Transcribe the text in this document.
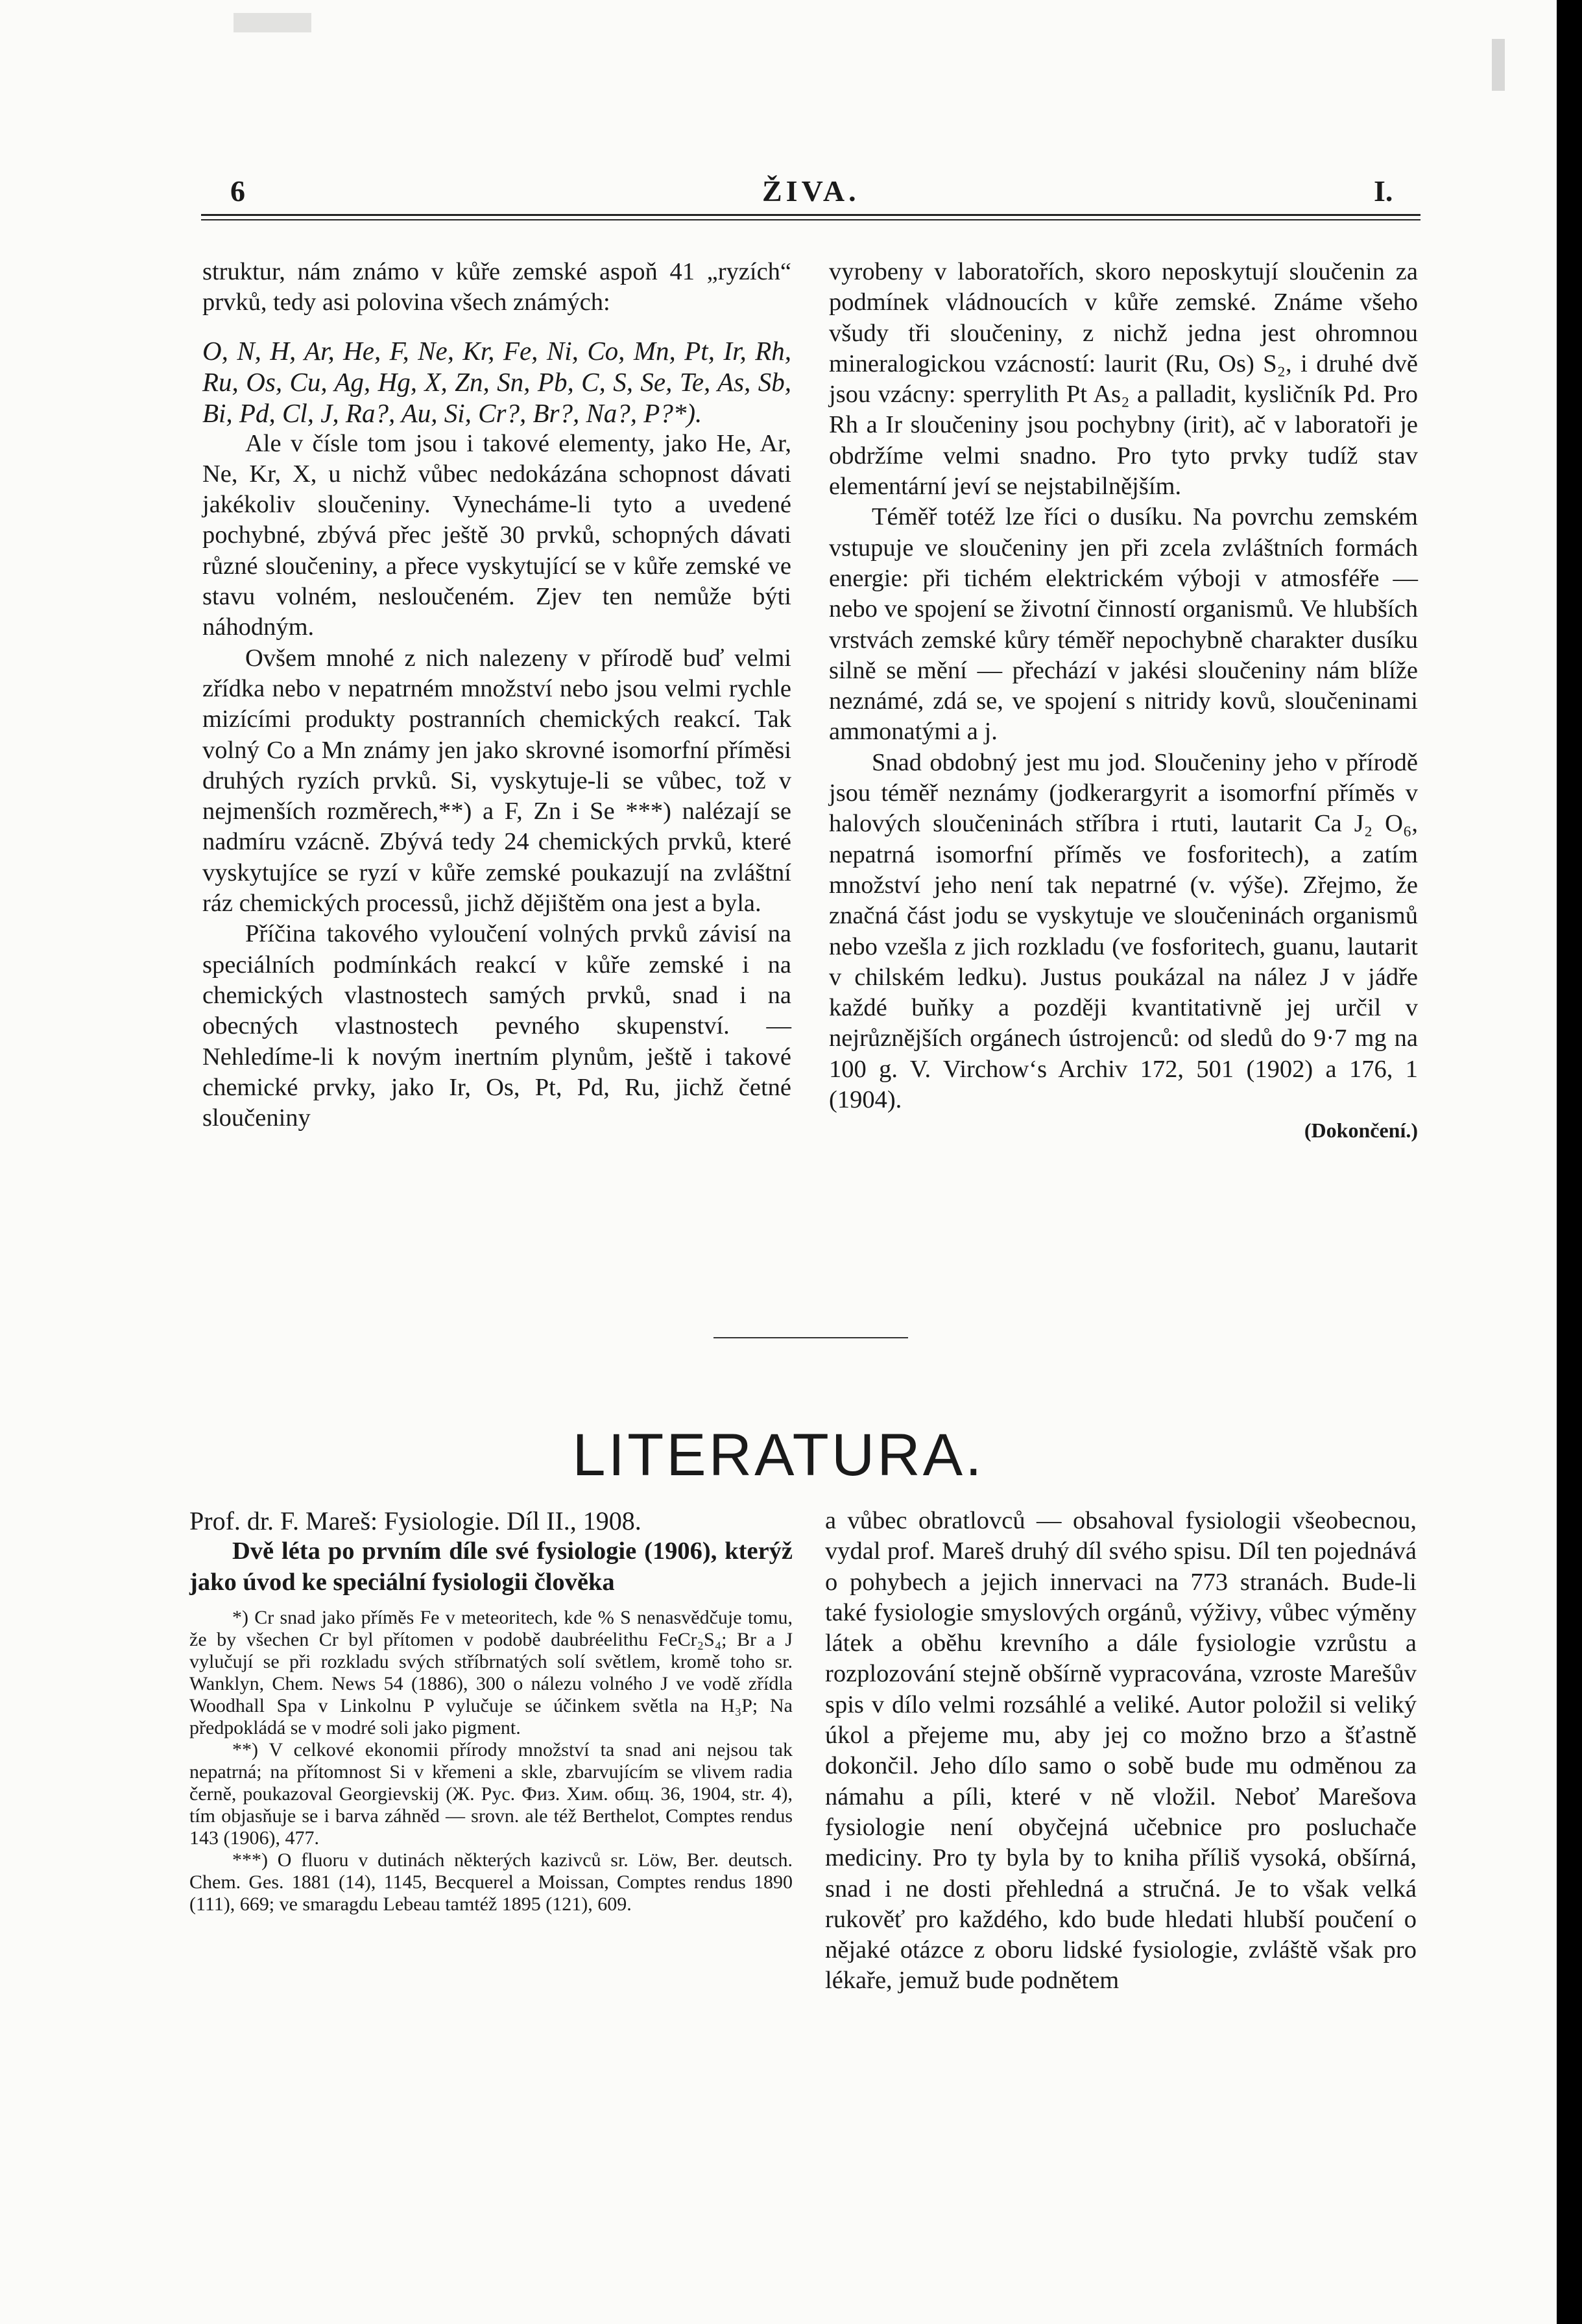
6	ŽIVA.	I.

struktur, nám známo v kůře zemské aspoň 41 „ryzích“ prvků, tedy asi polovina všech známých:

O, N, H, Ar, He, F, Ne, Kr, Fe, Ni, Co, Mn, Pt, Ir, Rh, Ru, Os, Cu, Ag, Hg, X, Zn, Sn, Pb, C, S, Se, Te, As, Sb, Bi, Pd, Cl, J, Ra?, Au, Si, Cr?, Br?, Na?, P?*).

Ale v čísle tom jsou i takové elementy, jako He, Ar, Ne, Kr, X, u nichž vůbec nedokázána schopnost dávati jakékoliv sloučeniny. Vynecháme-li tyto a uvedené pochybné, zbývá přec ještě 30 prvků, schopných dávati různé sloučeniny, a přece vyskytující se v kůře zemské ve stavu volném, nesloučeném. Zjev ten nemůže býti náhodným.

Ovšem mnohé z nich nalezeny v přírodě buď velmi zřídka nebo v nepatrném množství nebo jsou velmi rychle mizícími produkty postranních chemických reakcí. Tak volný Co a Mn známy jen jako skrovné isomorfní příměsi druhých ryzích prvků. Si, vyskytuje-li se vůbec, tož v nejmenších rozměrech,**) a F, Zn i Se ***) nalézají se nadmíru vzácně. Zbývá tedy 24 chemických prvků, které vyskytujíce se ryzí v kůře zemské poukazují na zvláštní ráz chemických processů, jichž dějištěm ona jest a byla.

Příčina takového vyloučení volných prvků závisí na speciálních podmínkách reakcí v kůře zemské i na chemických vlastnostech samých prvků, snad i na obecných vlastnostech pevného skupenství. — Nehledíme-li k novým inertním plynům, ještě i takové chemické prvky, jako Ir, Os, Pt, Pd, Ru, jichž četné sloučeniny

vyrobeny v laboratořích, skoro neposkytují sloučenin za podmínek vládnoucích v kůře zemské. Známe všeho všudy tři sloučeniny, z nichž jedna jest ohromnou mineralogickou vzácností: laurit (Ru, Os) S₂, i druhé dvě jsou vzácny: sperrylith Pt As₂ a palladit, kysličník Pd. Pro Rh a Ir sloučeniny jsou pochybny (irit), ač v laboratoři je obdržíme velmi snadno. Pro tyto prvky tudíž stav elementární jeví se nejstabilnějším.

Téměř totéž lze říci o dusíku. Na povrchu zemském vstupuje ve sloučeniny jen při zcela zvláštních formách energie: při tichém elektrickém výboji v atmosféře — nebo ve spojení se životní činností organismů. Ve hlubších vrstvách zemské kůry téměř nepochybně charakter dusíku silně se mění — přechází v jakési sloučeniny nám blíže neznámé, zdá se, ve spojení s nitridy kovů, sloučeninami ammonatými a j.

Snad obdobný jest mu jod. Sloučeniny jeho v přírodě jsou téměř neznámy (jodkerargyrit a isomorfní příměs v halových sloučeninách stříbra i rtuti, lautarit Ca J₂ O₆, nepatrná isomorfní příměs ve fosforitech), a zatím množství jeho není tak nepatrné (v. výše). Zřejmo, že značná část jodu se vyskytuje ve sloučeninách organismů nebo vzešla z jich rozkladu (ve fosforitech, guanu, lautarit v chilském ledku). Justus poukázal na nález J v jádře každé buňky a později kvantitativně jej určil v nejrůznějších orgánech ústrojenců: od sledů do 9·7 mg na 100 g. V. Virchow‘s Archiv 172, 501 (1902) a 176, 1 (1904).

(Dokončení.)

LITERATURA.

Prof. dr. F. Mareš: Fysiologie. Díl II., 1908.

Dvě léta po prvním díle své fysiologie (1906), kterýž jako úvod ke speciální fysiologii člověka

*) Cr snad jako příměs Fe v meteoritech, kde % S nenasvědčuje tomu, že by všechen Cr byl přítomen v podobě daubréelithu FeCr₂S₄; Br a J vylučují se při rozkladu svých stříbrnatých solí světlem, kromě toho sr. Wanklyn, Chem. News 54 (1886), 300 o nálezu volného J ve vodě zřídla Woodhall Spa v Linkolnu P vylučuje se účinkem světla na H₃P; Na předpokládá se v modré soli jako pigment.

**) V celkové ekonomii přírody množství ta snad ani nejsou tak nepatrná; na přítomnost Si v křemeni a skle, zbarvujícím se vlivem radia černě, poukazoval Georgievskij (Ж. Рус. Физ. Хим. общ. 36, 1904, str. 4), tím objasňuje se i barva záhněd — srovn. ale též Berthelot, Comptes rendus 143 (1906), 477.

***) O fluoru v dutinách některých kazivců sr. Löw, Ber. deutsch. Chem. Ges. 1881 (14), 1145, Becquerel a Moissan, Comptes rendus 1890 (111), 669; ve smaragdu Lebeau tamtéž 1895 (121), 609.

a vůbec obratlovců — obsahoval fysiologii všeobecnou, vydal prof. Mareš druhý díl svého spisu. Díl ten pojednává o pohybech a jejich innervaci na 773 stranách. Bude-li také fysiologie smyslových orgánů, výživy, vůbec výměny látek a oběhu krevního a dále fysiologie vzrůstu a rozplozování stejně obšírně vypracována, vzroste Marešův spis v dílo velmi rozsáhlé a veliké. Autor položil si veliký úkol a přejeme mu, aby jej co možno brzo a šťastně dokončil. Jeho dílo samo o sobě bude mu odměnou za námahu a píli, které v ně vložil. Neboť Marešova fysiologie není obyčejná učebnice pro posluchače mediciny. Pro ty byla by to kniha příliš vysoká, obšírná, snad i ne dosti přehledná a stručná. Je to však velká rukověť pro každého, kdo bude hledati hlubší poučení o nějaké otázce z oboru lidské fysiologie, zvláště však pro lékaře, jemuž bude podnětem
